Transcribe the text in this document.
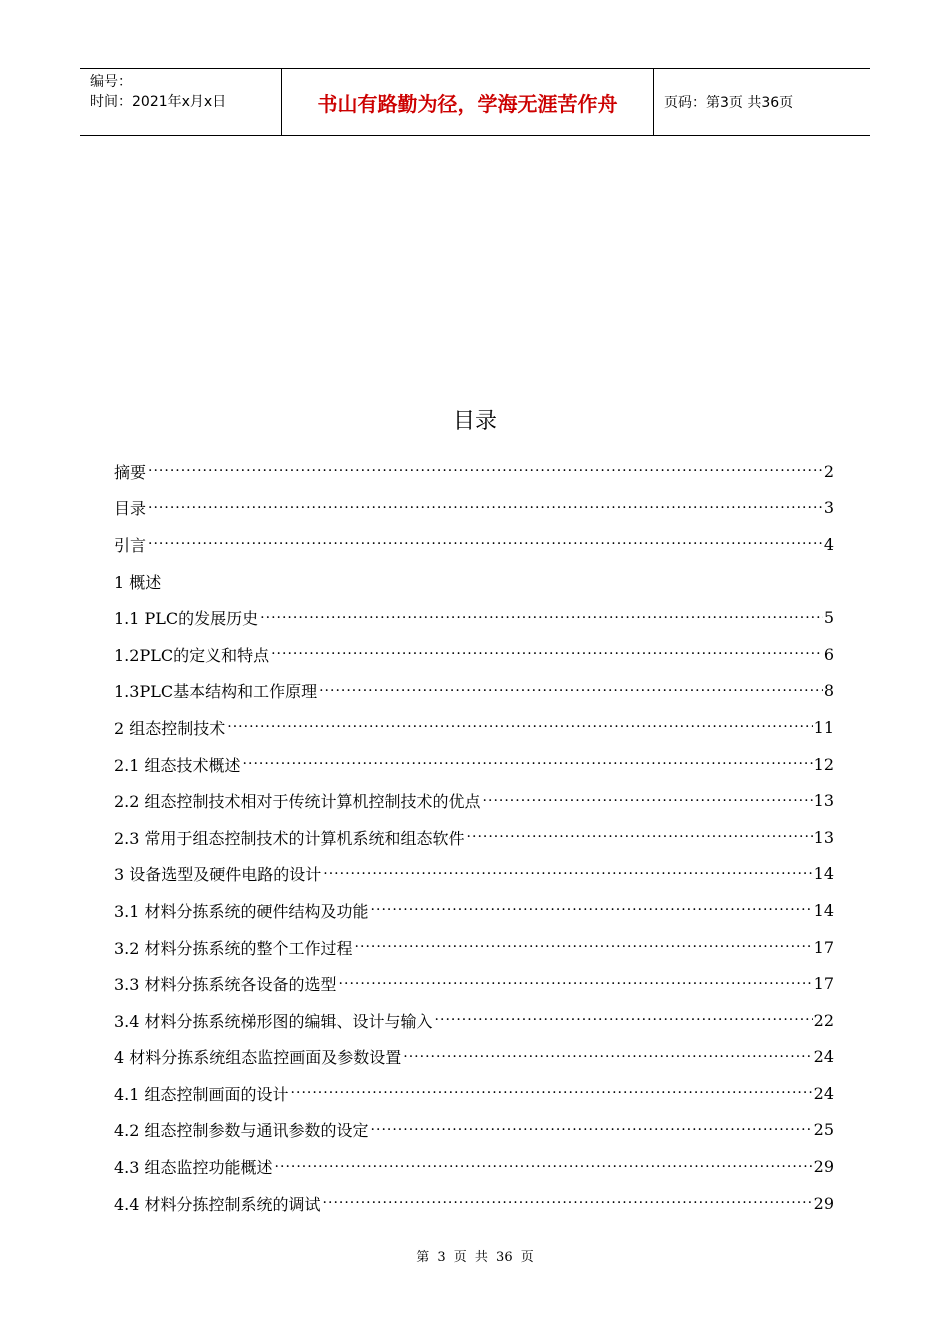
编号：
时间：2021年x月x日	书山有路勤为径，学海无涯苦作舟	页码：第3页 共36页
目录
摘要 ·····	2
目录 ·····	3
引言 ·····	4
1 概述
1.1 PLC的发展历史 ·····	5
1.2PLC的定义和特点 ·····	6
1.3PLC基本结构和工作原理 ·····	8
2 组态控制技术 ·····	11
2.1 组态技术概述 ·····	12
2.2 组态控制技术相对于传统计算机控制技术的优点 ·····	13
2.3 常用于组态控制技术的计算机系统和组态软件 ·····	13
3 设备选型及硬件电路的设计 ·····	14
3.1 材料分拣系统的硬件结构及功能 ·····	14
3.2 材料分拣系统的整个工作过程 ·····	17
3.3 材料分拣系统各设备的选型 ·····	17
3.4 材料分拣系统梯形图的编辑、设计与输入 ·····	22
4 材料分拣系统组态监控画面及参数设置 ·····	24
4.1 组态控制画面的设计 ·····	24
4.2 组态控制参数与通讯参数的设定 ·····	25
4.3 组态监控功能概述 ·····	29
4.4 材料分拣控制系统的调试 ·····	29
第 3 页 共 36 页
